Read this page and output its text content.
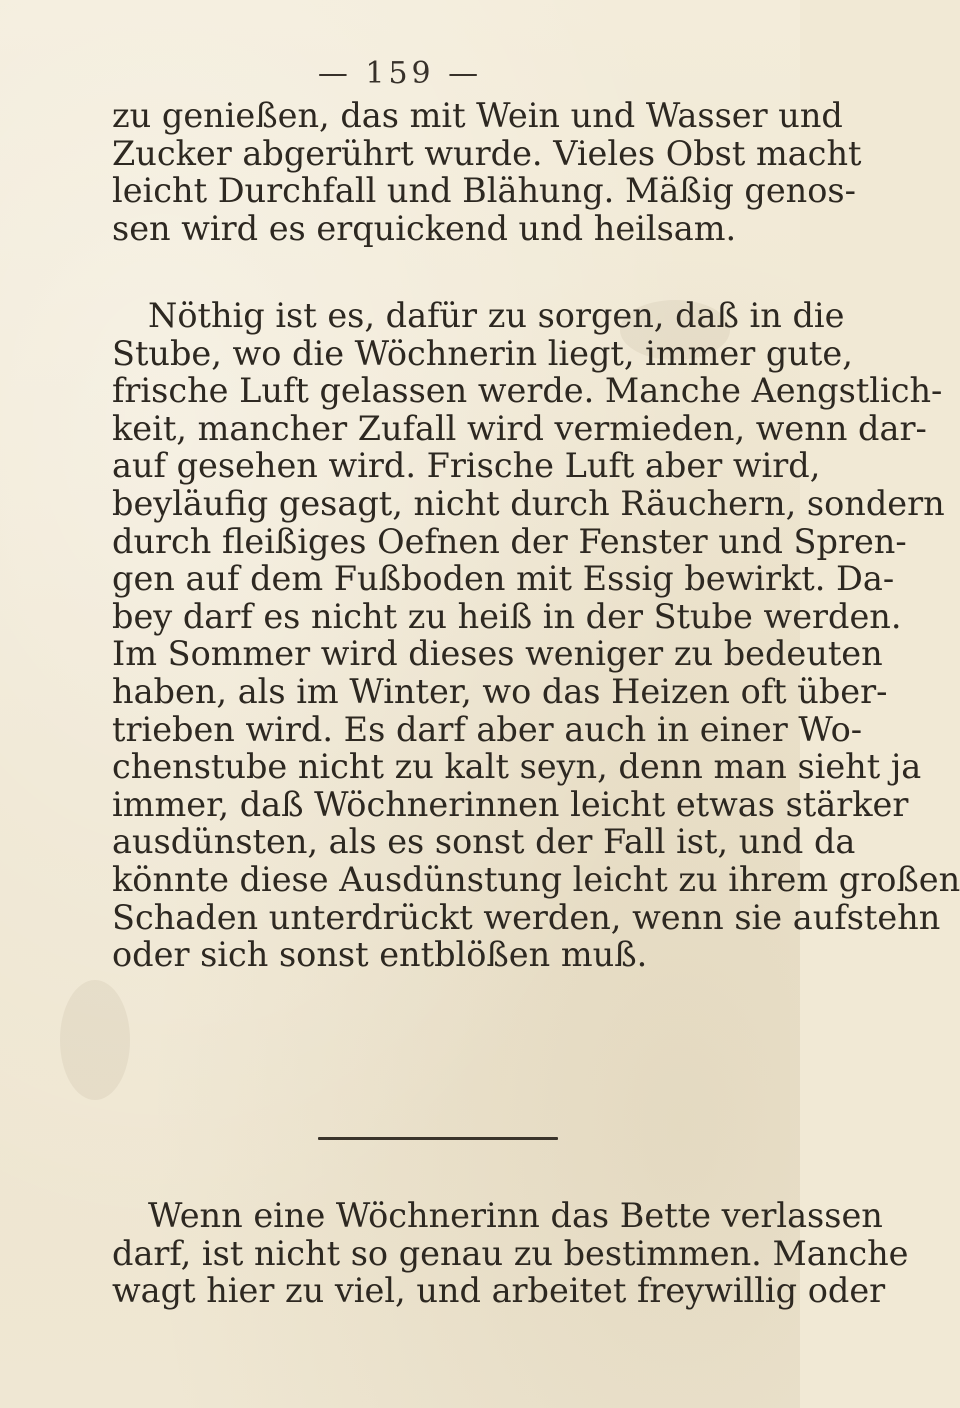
— 159 —
zu genießen, das mit Wein und Wasser und
Zucker abgerührt wurde. Vieles Obst macht
leicht Durchfall und Blähung. Mäßig genos-
sen wird es erquickend und heilsam.
Nöthig ist es, dafür zu sorgen, daß in die
Stube, wo die Wöchnerin liegt, immer gute,
frische Luft gelassen werde. Manche Aengstlich-
keit, mancher Zufall wird vermieden, wenn dar-
auf gesehen wird. Frische Luft aber wird,
beyläufig gesagt, nicht durch Räuchern, sondern
durch fleißiges Oefnen der Fenster und Spren-
gen auf dem Fußboden mit Essig bewirkt. Da-
bey darf es nicht zu heiß in der Stube werden.
Im Sommer wird dieses weniger zu bedeuten
haben, als im Winter, wo das Heizen oft über-
trieben wird. Es darf aber auch in einer Wo-
chenstube nicht zu kalt seyn, denn man sieht ja
immer, daß Wöchnerinnen leicht etwas stärker
ausdünsten, als es sonst der Fall ist, und da
könnte diese Ausdünstung leicht zu ihrem großen
Schaden unterdrückt werden, wenn sie aufstehn
oder sich sonst entblößen muß.
Wenn eine Wöchnerinn das Bette verlassen
darf, ist nicht so genau zu bestimmen. Manche
wagt hier zu viel, und arbeitet freywillig oder
